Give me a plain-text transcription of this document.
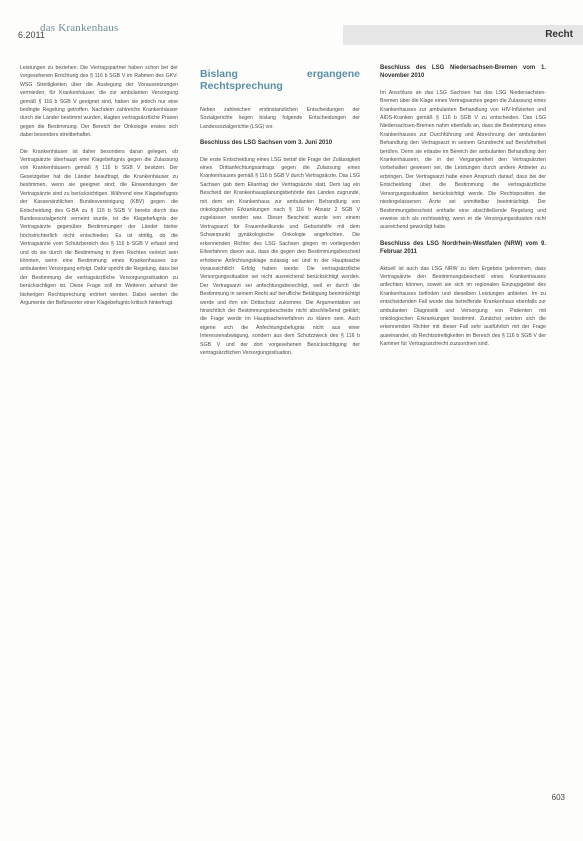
6.2011
das Krankenhaus
Recht

Leistungen zu beziehen. Die Vertragspartner haben schon bei der vorgesehenen Errichtung des § 116 b SGB V im Rahmen des GKV-WSG Streitigkeiten über die Auslegung der Voraussetzungen vermieden; für Krankenhäuser, die zur ambulanten Versorgung gemäß § 116 b SGB V geeignet sind, haben sie jedoch nur eine bedingte Regelung getroffen. Nachdem zahlreiche Krankenhäuser durch die Länder bestimmt wurden, klagten vertragsärztliche Praxen gegen die Bestimmung. Der Bereich der Onkologie erwies sich dabei besonders streitbehaftet.

Die Krankenhäuser ist daher besonders daran gelegen, ob Vertragsärzte überhaupt eine Klagebefugnis gegen die Zulassung von Krankenhäusern gemäß § 116 b SGB V besitzen. Der Gesetzgeber hat die Länder beauftragt, die Krankenhäuser zu bestimmen, wenn sie geeignet sind; die Einwendungen der Vertragsärzte sind zu berücksichtigen. Während eine Klagebefugnis der Kassenärztlichen Bundesvereinigung (KBV) gegen die Entscheidung des G-BA zu § 116 b SGB V bereits durch das Bundessozialgericht verneint wurde, ist die Klagebefugnis der Vertragsärzte gegenüber Bestimmungen der Länder bisher höchstrichterlich nicht entschieden. Es ist strittig, ob die Vertragsärzte vom Schutzbereich des § 116 b SGB V erfasst sind und ob sie durch die Bestimmung in ihren Rechten verletzt sein könnten, wenn eine Bestimmung eines Krankenhauses zur ambulanten Versorgung erfolgt. Dafür spricht die Regelung, dass bei der Bestimmung die vertragsärztliche Versorgungssituation zu berücksichtigen ist. Diese Frage soll im Weiteren anhand der bisherigen Rechtsprechung erörtert werden. Dabei werden die Argumente der Befürworter einer Klagebefugnis kritisch hinterfragt.

Bislang ergangene Rechtsprechung

Neben zahlreichen erstinstanzlichen Entscheidungen der Sozialgerichte liegen bislang folgende Entscheidungen der Landessozialgerichte (LSG) vor.

Beschluss des LSG Sachsen vom 3. Juni 2010

Die erste Entscheidung eines LSG betraf die Frage der Zulässigkeit eines Drittanfechtungsantrags gegen die Zulassung eines Krankenhauses gemäß § 116 b SGB V durch Vertragsärzte. Das LSG Sachsen gab dem Eilantrag der Vertragsärzte statt. Dem lag ein Bescheid der Krankenhausplanungsbehörde des Landes zugrunde, mit dem ein Krankenhaus zur ambulanten Behandlung von onkologischen Erkrankungen nach § 116 b Absatz 2 SGB V zugelassen worden war. Dieser Bescheid wurde von einem Vertragsarzt für Frauenheilkunde und Geburtshilfe mit dem Schwerpunkt gynäkologische Onkologie angefochten. Die erkennenden Richter des LSG Sachsen gingen im vorliegenden Eilverfahren davon aus, dass die gegen den Bestimmungsbescheid erhobene Anfechtungsklage zulässig sei und in der Hauptsache voraussichtlich Erfolg haben werde. Die vertragsärztliche Versorgungssituation sei nicht ausreichend berücksichtigt worden. Der Vertragsarzt sei anfechtungsberechtigt, weil er durch die Bestimmung in seinem Recht auf berufliche Betätigung beeinträchtigt werde und ihm ein Drittschutz zukomme. Die Argumentation sei hinsichtlich der Bestimmungsbescheide nicht abschließend geklärt; die Frage werde im Hauptsacheverfahren zu klären sein. Auch eigene sich die Anfechtungsbefugnis nicht aus einer Interessenabwägung, sondern aus dem Schutzzweck des § 116 b SGB V und der dort vorgesehenen Berücksichtigung der vertragsärztlichen Versorgungssituation.

Beschluss des LSG Niedersachsen-Bremen vom 1. November 2010

Im Anschluss an das LSG Sachsen hat das LSG Niedersachsen-Bremen über die Klage eines Vertragsarztes gegen die Zulassung eines Krankenhauses zur ambulanten Behandlung von HIV-Infizierten und AIDS-Kranken gemäß § 116 b SGB V zu entscheiden. Das LSG Niedersachsen-Bremen nahm ebenfalls an, dass die Bestimmung eines Krankenhauses zur Durchführung und Abrechnung der ambulanten Behandlung den Vertragsarzt in seinem Grundrecht auf Berufsfreiheit berühre. Denn sie erlaube im Bereich der ambulanten Behandlung den Krankenhäusern, die in der Vergangenheit den Vertragsärzten vorbehalten gewesen sei, die Leistungen durch andere Anbieter zu erbringen. Der Vertragsarzt habe einen Anspruch darauf, dass bei der Entscheidung über die Bestimmung die vertragsärztliche Versorgungssituation berücksichtigt werde. Die Rechtsposition der niedergelassenen Ärzte sei unmittelbar beeinträchtigt. Der Bestimmungsbescheid enthalte eine abschließende Regelung und erweise sich als rechtswidrig, wenn er die Versorgungssituation nicht ausreichend gewürdigt habe.

Beschluss des LSG Nordrhein-Westfalen (NRW) vom 9. Februar 2011

Aktuell ist auch das LSG NRW zu dem Ergebnis gekommen, dass Vertragsärzte den Bestimmungsbescheid eines Krankenhauses anfechten können, soweit sie sich im regionalen Einzugsgebiet des Krankenhauses befinden und dieselben Leistungen anbieten. Im zu entscheidenden Fall wurde das betreffende Krankenhaus ebenfalls zur ambulanten Diagnostik und Versorgung von Patienten mit onkologischen Erkrankungen bestimmt. Zunächst setzten sich die erkennenden Richter mit dieser Fall sehr ausführlich mit der Frage auseinander, ob Rechtsstreitigkeiten im Bereich des § 116 b SGB V der Kammer für Vertragsarztrecht zuzuordnen sind.

603
